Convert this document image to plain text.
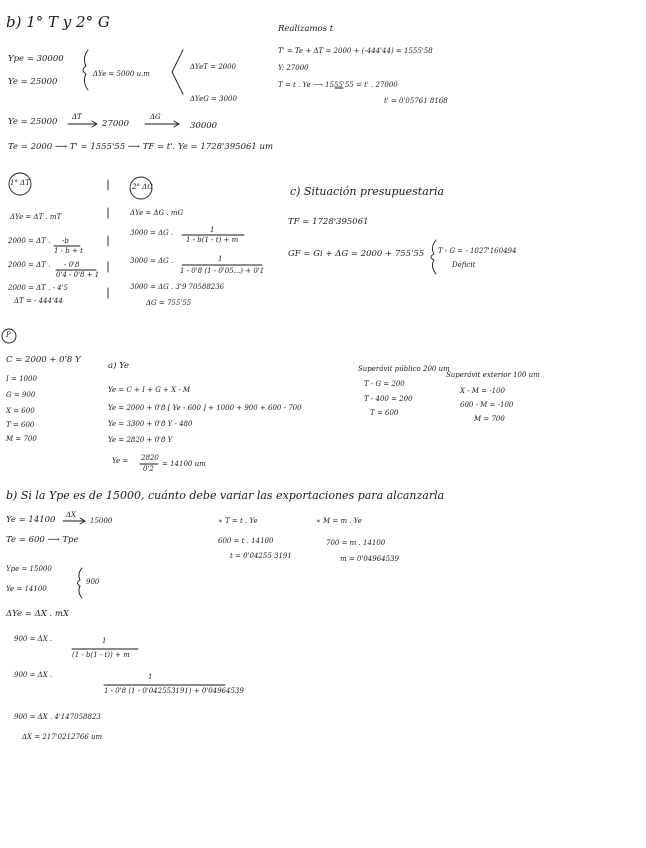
b) 1° T y 2° G
Ype = 30000
Ye = 25000
ΔYe = 5000 u.m
ΔYeT = 2000
ΔYeG = 3000
Ye = 25000 ΔT
27000
ΔG
30000
Te = 2000 ⟶ T' = 1555'55 ⟶ TF = t'. Ye = 1728'395061 um
Realizamos t
T' = Te + ΔT = 2000 + (-444'44) = 1555'58
Y: 27000
T = t . Ye ⟶ 1555'55 = t' . 27000
t' = 0'05761 8168
1° ΔT
ΔYe = ΔT . mT
2000 = ΔT . -b
1 - b + t
2000 = ΔT . - 0'8
0'4 - 0'8 + 1
2000 = ΔT . - 4'5
ΔT = - 444'44
2° ΔG
ΔYe = ΔG . mG
3000 = ΔG .	1
1 - b(1 - t) + m
3000 = ΔG .	1
1 - 0'8 (1 - 0'05...) + 0'1
3000 = ΔG . 3'9 70588236
ΔG = 755'55
c) Situación presupuestaria
TF = 1728'395061
GF = Gi + ΔG = 2000 + 755'55 T - G = - 1027'160494
Déficit
P
C = 2000 + 0'8 Y
I = 1000
G = 900
X = 600
T = 600
M = 700
a) Ye
Ye = C + I + G + X - M
Ye = 2000 + 0'8 [ Ye - 600 ] + 1000 + 900 + 600 - 700
Ye = 3300 + 0'8 Y - 480
Ye = 2820 + 0'8 Y
Ye = 2820
0'2
= 14100 um
Superávit público 200 um
T - G = 200
T - 400 = 200
T = 600
Superávit exterior 100 um
X - M = -100
600 - M = -100
M = 700
b) Si la Ype es de 15000, cuánto debe variar las exportaciones para alcanzarla
Ye = 14100 ΔX
15000
Te = 600 ⟶ Tpe
∗ T = t . Ye
600 = t . 14100
t = 0'04255 3191
∗ M = m . Ye
700 = m . 14100
m = 0'04964539
Ype = 15000
Ye = 14100
900
ΔYe = ΔX . mX
900 = ΔX .	1
(1 - b(1 - t)) + m
900 = ΔX .	1
1 - 0'8 (1 - 0'042553191) + 0'04964539
900 = ΔX . 4'147058823
ΔX = 217'0212766 um
